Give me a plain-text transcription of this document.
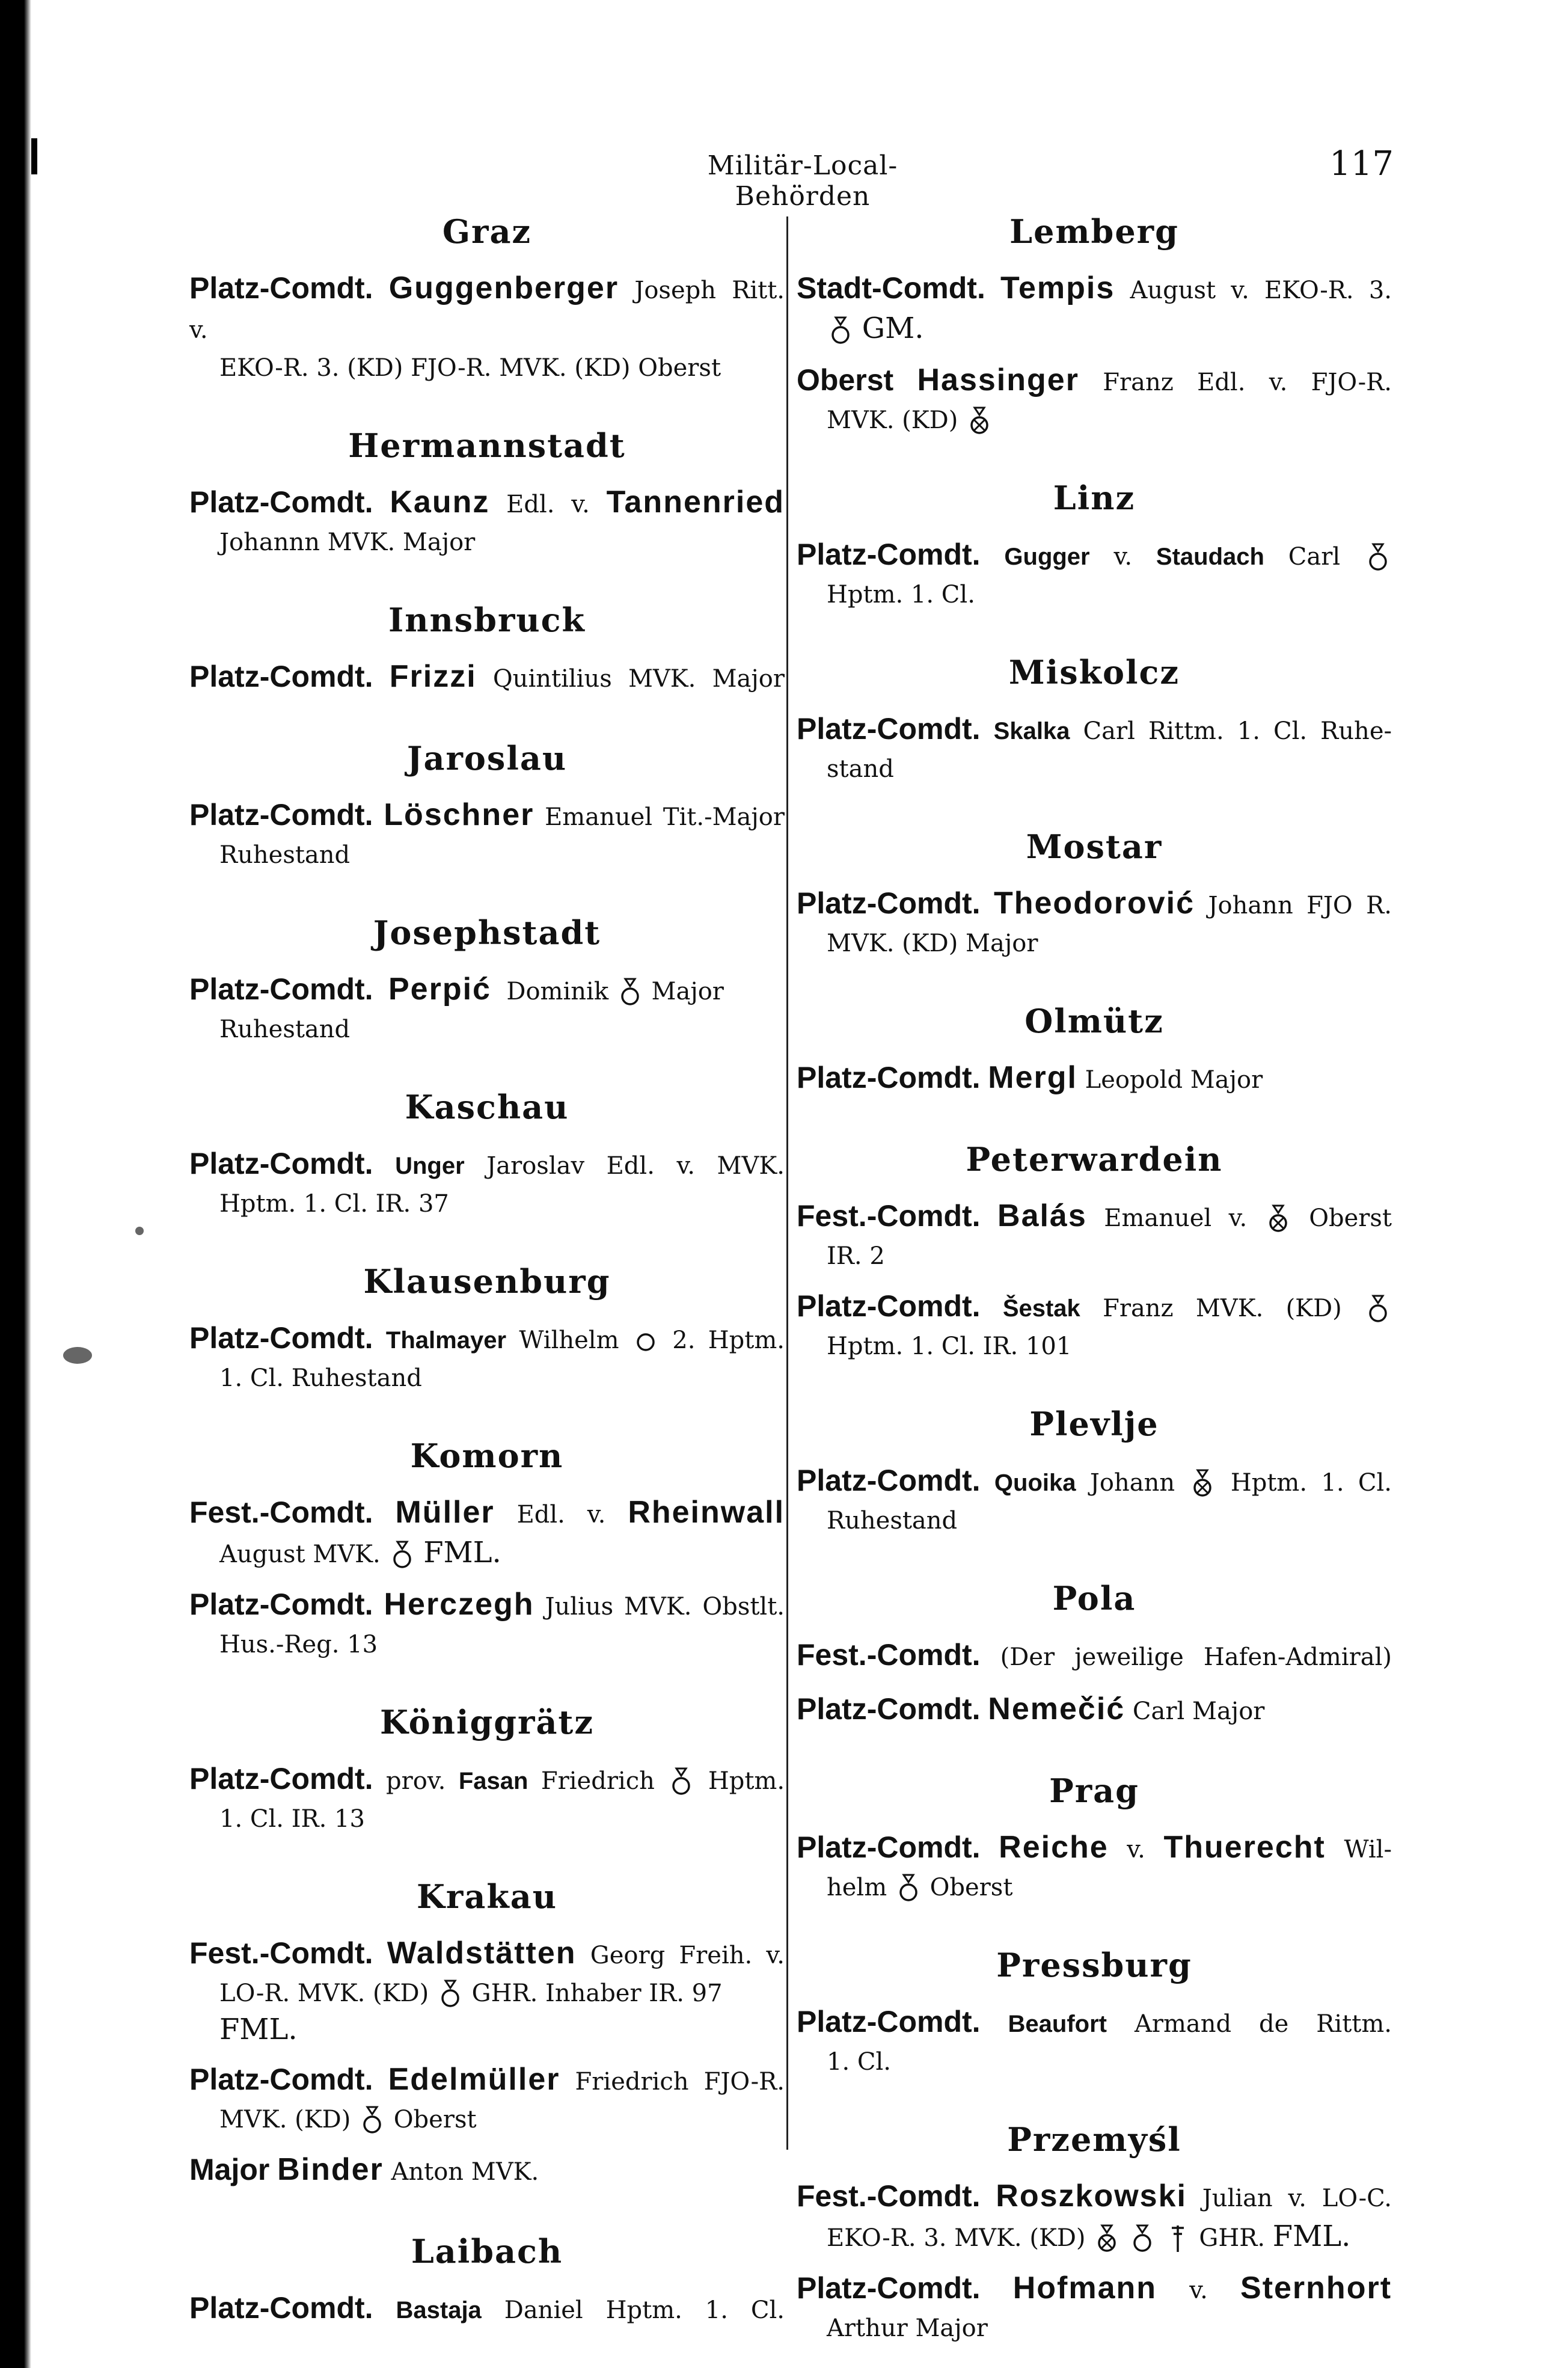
Militär-Local-Behörden
117
Graz
Platz-Comdt. Guggenberger Joseph Ritt. v.
EKO-R. 3. (KD) FJO-R. MVK. (KD) Oberst
Hermannstadt
Platz-Comdt. Kaunz Edl. v. Tannenried
Johannn MVK. Major
Innsbruck
Platz-Comdt. Frizzi Quintilius MVK. Major
Jaroslau
Platz-Comdt. Löschner Emanuel Tit.-Major
Ruhestand
Josephstadt
Platz-Comdt. Perpić Dominik Major
Ruhestand
Kaschau
Platz-Comdt. Unger Jaroslav Edl. v. MVK.
Hptm. 1. Cl. IR. 37
Klausenburg
Platz-Comdt. Thalmayer Wilhelm 2. Hptm.
1. Cl. Ruhestand
Komorn
Fest.-Comdt. Müller Edl. v. Rheinwall
August MVK. FML.
Platz-Comdt. Herczegh Julius MVK. Obstlt.
Hus.-Reg. 13
Königgrätz
Platz-Comdt. prov. Fasan Friedrich Hptm.
1. Cl. IR. 13
Krakau
Fest.-Comdt. Waldstätten Georg Freih. v.
LO-R. MVK. (KD) GHR. Inhaber IR. 97
FML.
Platz-Comdt. Edelmüller Friedrich FJO-R.
MVK. (KD) Oberst
Major Binder Anton MVK.
Laibach
Platz-Comdt. Bastaja Daniel Hptm. 1. Cl.
Lemberg
Stadt-Comdt. Tempis August v. EKO-R. 3.
GM.
Oberst Hassinger Franz Edl. v. FJO-R.
MVK. (KD)
Linz
Platz-Comdt. Gugger v. Staudach Carl
Hptm. 1. Cl.
Miskolcz
Platz-Comdt. Skalka Carl Rittm. 1. Cl. Ruhe-
stand
Mostar
Platz-Comdt. Theodorović Johann FJO R.
MVK. (KD) Major
Olmütz
Platz-Comdt. Mergl Leopold Major
Peterwardein
Fest.-Comdt. Balás Emanuel v.	Oberst
IR. 2
Platz-Comdt. Šestak Franz MVK. (KD)
Hptm. 1. Cl. IR. 101
Plevlje
Platz-Comdt. Quoika Johann Hptm. 1. Cl.
Ruhestand
Pola
Fest.-Comdt. (Der jeweilige Hafen-Admiral)
Platz-Comdt. Nemečić Carl Major
Prag
Platz-Comdt. Reiche v. Thuerecht Wil-
helm Oberst
Pressburg
Platz-Comdt. Beaufort Armand de Rittm.
1. Cl.
Przemyśl
Fest.-Comdt. Roszkowski Julian v. LO-C.
EKO-R. 3. MVK. (KD)

	GHR. FML.
Platz-Comdt. Hofmann v. Sternhort
Arthur Major
